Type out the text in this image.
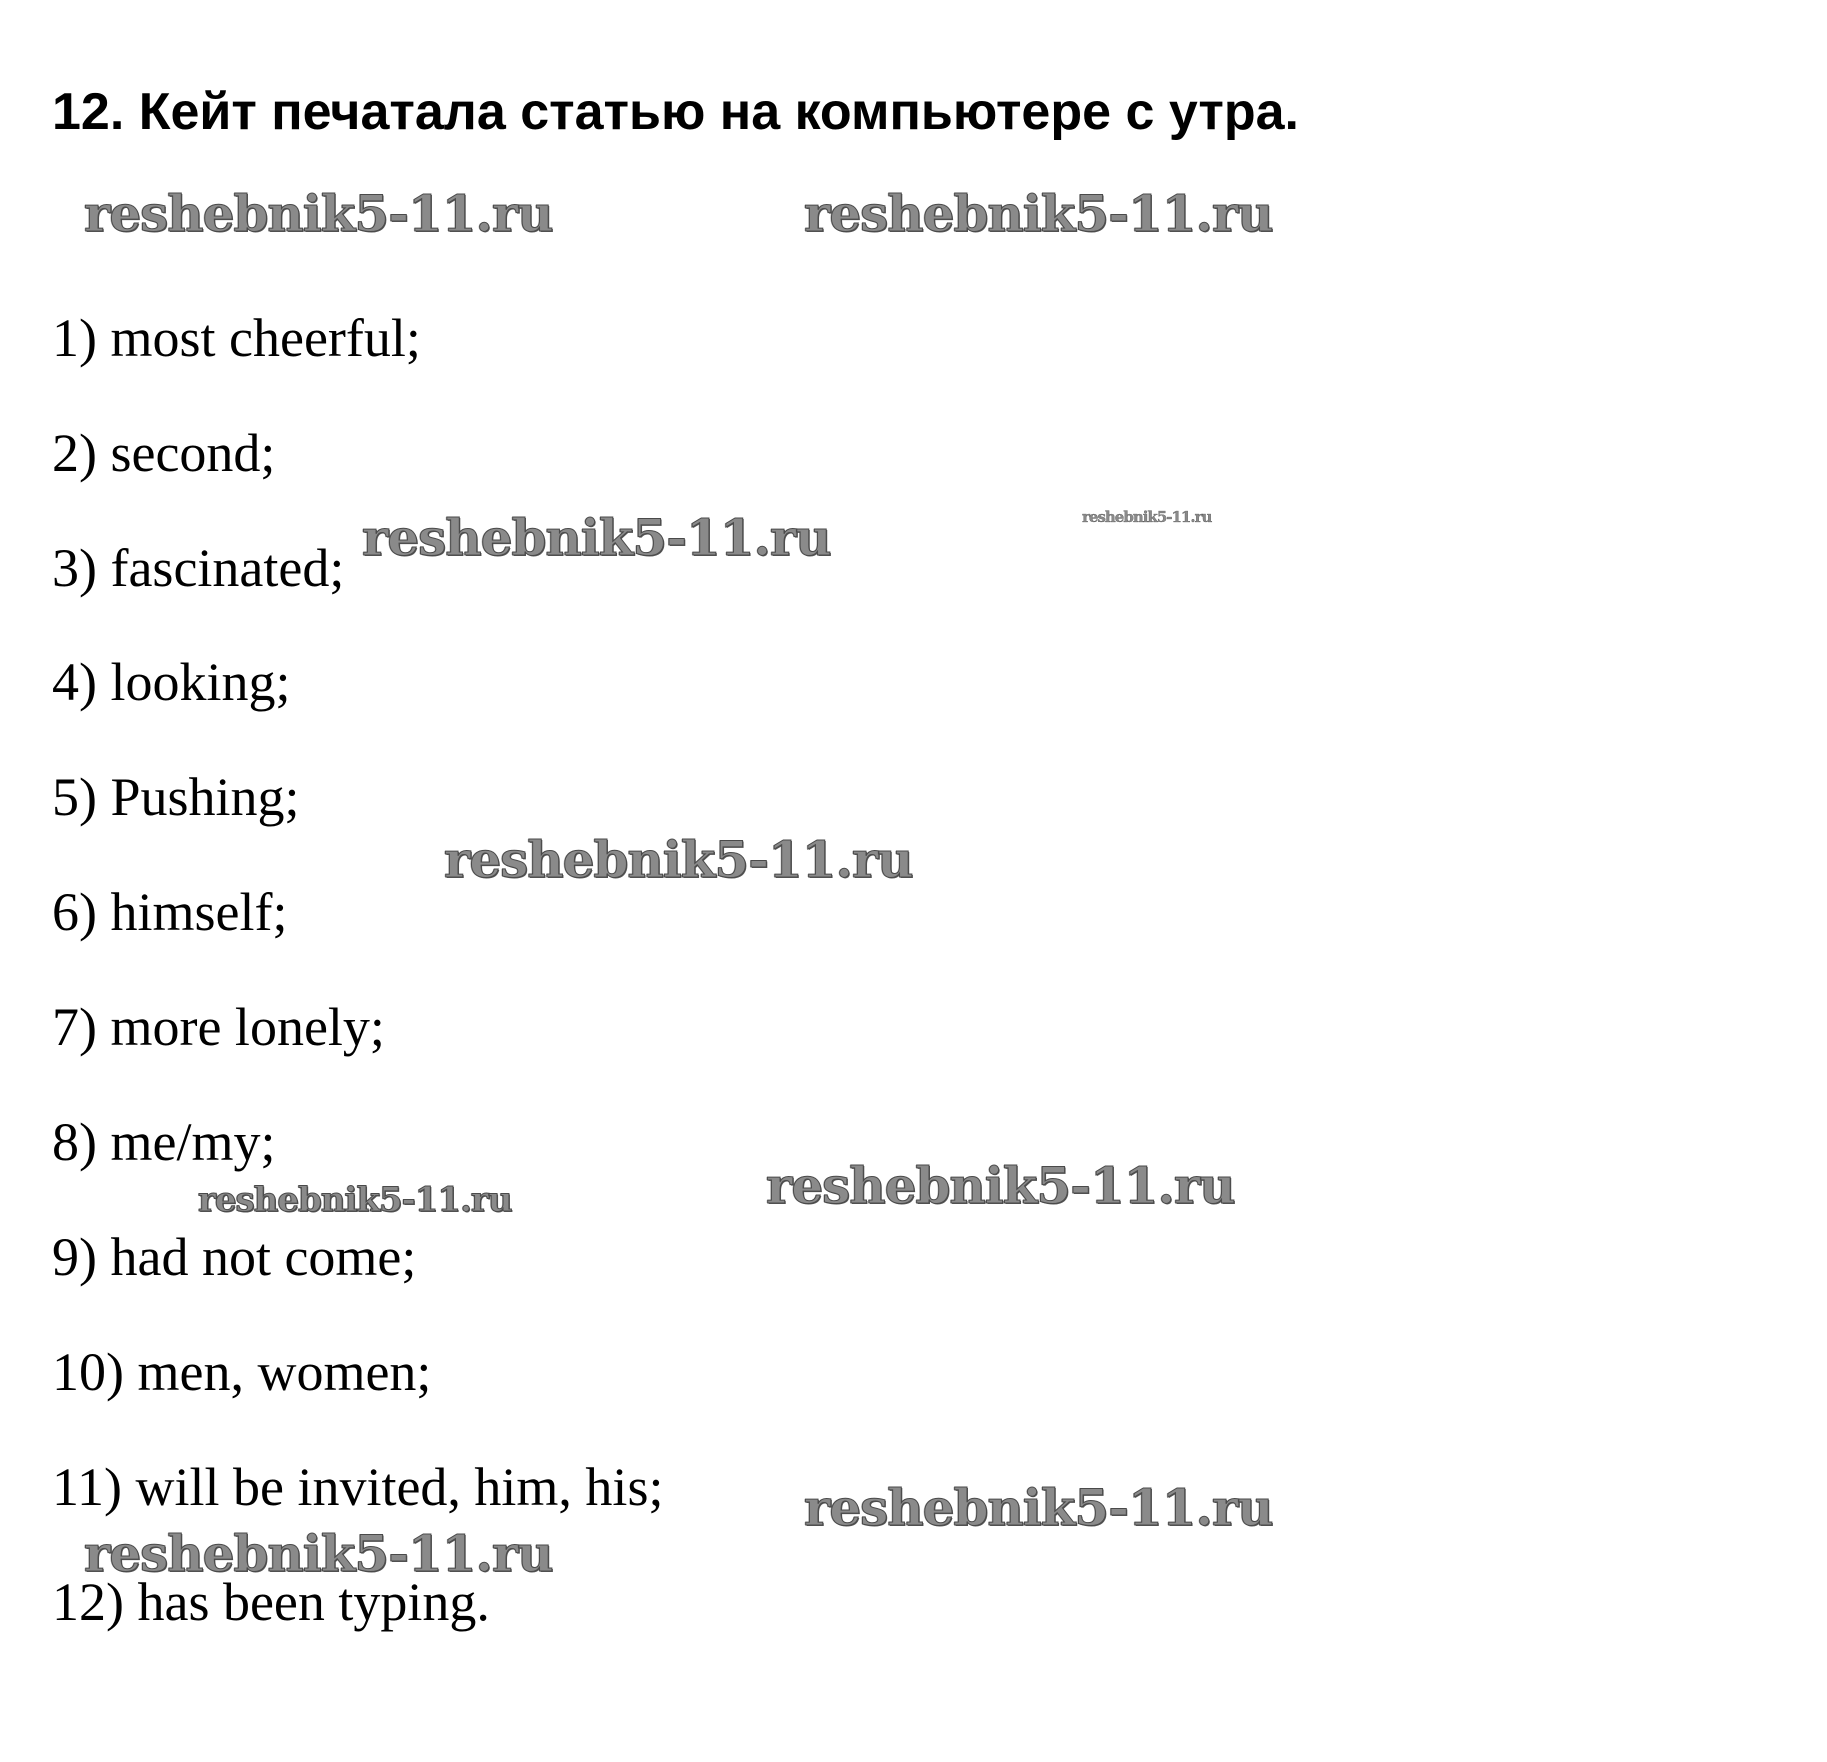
12. Кейт печатала статью на компьютере с утра.
1) most cheerful;
2) second;
3) fascinated;
4) looking;
5) Pushing;
6) himself;
7) more lonely;
8) me/my;
9) had not come;
10) men, women;
11) will be invited, him, his;
12) has been typing.
reshebnik5-11.ru	reshebnik5-11.ru
reshebnik5-11.ru	reshebnik5-11.ru
reshebnik5-11.ru
reshebnik5-11.ru	reshebnik5-11.ru
reshebnik5-11.ru
reshebnik5-11.ru
